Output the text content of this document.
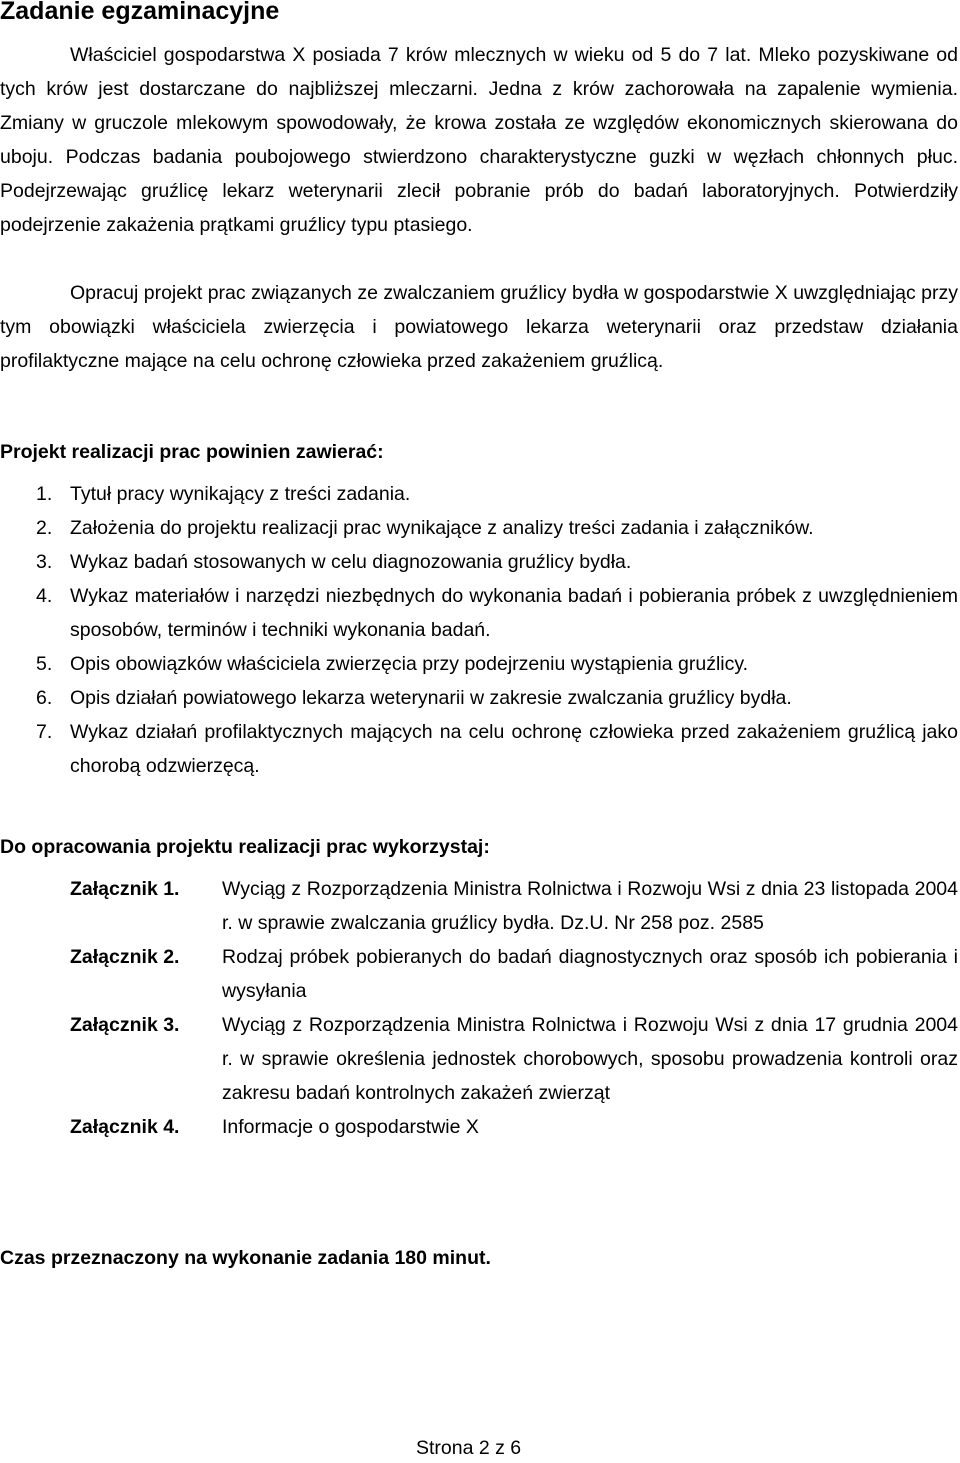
Zadanie egzaminacyjne

Właściciel gospodarstwa X posiada 7 krów mlecznych w wieku od 5 do 7 lat. Mleko pozyskiwane od tych krów jest dostarczane do najbliższej mleczarni. Jedna z krów zachorowała na zapalenie wymienia. Zmiany w gruczole mlekowym spowodowały, że krowa została ze względów ekonomicznych skierowana do uboju. Podczas badania poubojowego stwierdzono charakterystyczne guzki w węzłach chłonnych płuc. Podejrzewając gruźlicę lekarz weterynarii zlecił pobranie prób do badań laboratoryjnych. Potwierdziły podejrzenie zakażenia prątkami gruźlicy typu ptasiego.

Opracuj projekt prac związanych ze zwalczaniem gruźlicy bydła w gospodarstwie X uwzględniając przy tym obowiązki właściciela zwierzęcia i powiatowego lekarza weterynarii oraz przedstaw działania profilaktyczne mające na celu ochronę człowieka przed zakażeniem gruźlicą.

Projekt realizacji prac powinien zawierać:
1. Tytuł pracy wynikający z treści zadania.
2. Założenia do projektu realizacji prac wynikające z analizy treści zadania i załączników.
3. Wykaz badań stosowanych w celu diagnozowania gruźlicy bydła.
4. Wykaz materiałów i narzędzi niezbędnych do wykonania badań i pobierania próbek z uwzględnieniem sposobów, terminów i techniki wykonania badań.
5. Opis obowiązków właściciela zwierzęcia przy podejrzeniu wystąpienia gruźlicy.
6. Opis działań powiatowego lekarza weterynarii w zakresie zwalczania gruźlicy bydła.
7. Wykaz działań profilaktycznych mających na celu ochronę człowieka przed zakażeniem gruźlicą jako chorobą odzwierzęcą.
Do opracowania projektu realizacji prac wykorzystaj:
Załącznik 1. Wyciąg z Rozporządzenia Ministra Rolnictwa i Rozwoju Wsi z dnia 23 listopada 2004 r. w sprawie zwalczania gruźlicy bydła. Dz.U. Nr 258 poz. 2585
Załącznik 2. Rodzaj próbek pobieranych do badań diagnostycznych oraz sposób ich pobierania i wysyłania
Załącznik 3. Wyciąg z Rozporządzenia Ministra Rolnictwa i Rozwoju Wsi z dnia 17 grudnia 2004 r. w sprawie określenia jednostek chorobowych, sposobu prowadzenia kontroli oraz zakresu badań kontrolnych zakażeń zwierząt
Załącznik 4. Informacje o gospodarstwie X
Czas przeznaczony na wykonanie zadania 180 minut.
Strona 2 z 6
